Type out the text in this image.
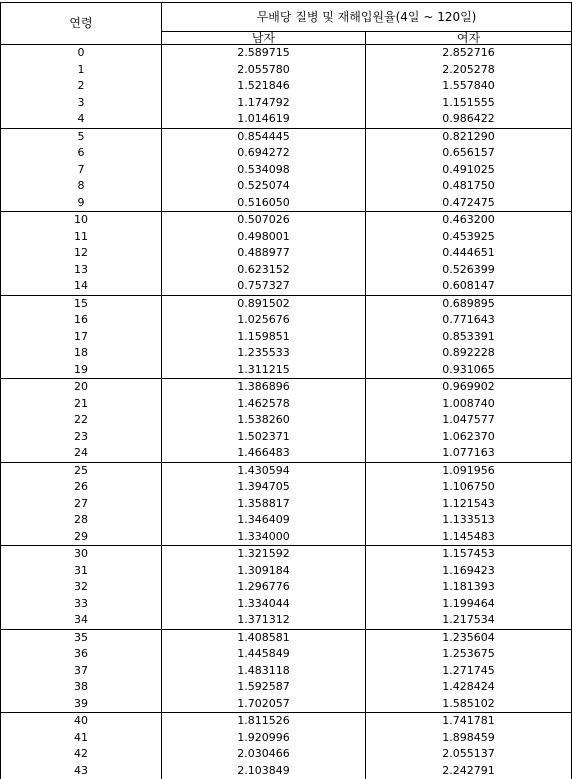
연령	무배당 질병 및 재해입원율(4일 ~ 120일)	
	남자	여자
0	2.589715	2.852716
1	2.055780	2.205278
2	1.521846	1.557840
3	1.174792	1.151555
4	1.014619	0.986422
5	0.854445	0.821290
6	0.694272	0.656157
7	0.534098	0.491025
8	0.525074	0.481750
9	0.516050	0.472475
10	0.507026	0.463200
11	0.498001	0.453925
12	0.488977	0.444651
13	0.623152	0.526399
14	0.757327	0.608147
15	0.891502	0.689895
16	1.025676	0.771643
17	1.159851	0.853391
18	1.235533	0.892228
19	1.311215	0.931065
20	1.386896	0.969902
21	1.462578	1.008740
22	1.538260	1.047577
23	1.502371	1.062370
24	1.466483	1.077163
25	1.430594	1.091956
26	1.394705	1.106750
27	1.358817	1.121543
28	1.346409	1.133513
29	1.334000	1.145483
30	1.321592	1.157453
31	1.309184	1.169423
32	1.296776	1.181393
33	1.334044	1.199464
34	1.371312	1.217534
35	1.408581	1.235604
36	1.445849	1.253675
37	1.483118	1.271745
38	1.592587	1.428424
39	1.702057	1.585102
40	1.811526	1.741781
41	1.920996	1.898459
42	2.030466	2.055137
43	2.103849	2.242791
